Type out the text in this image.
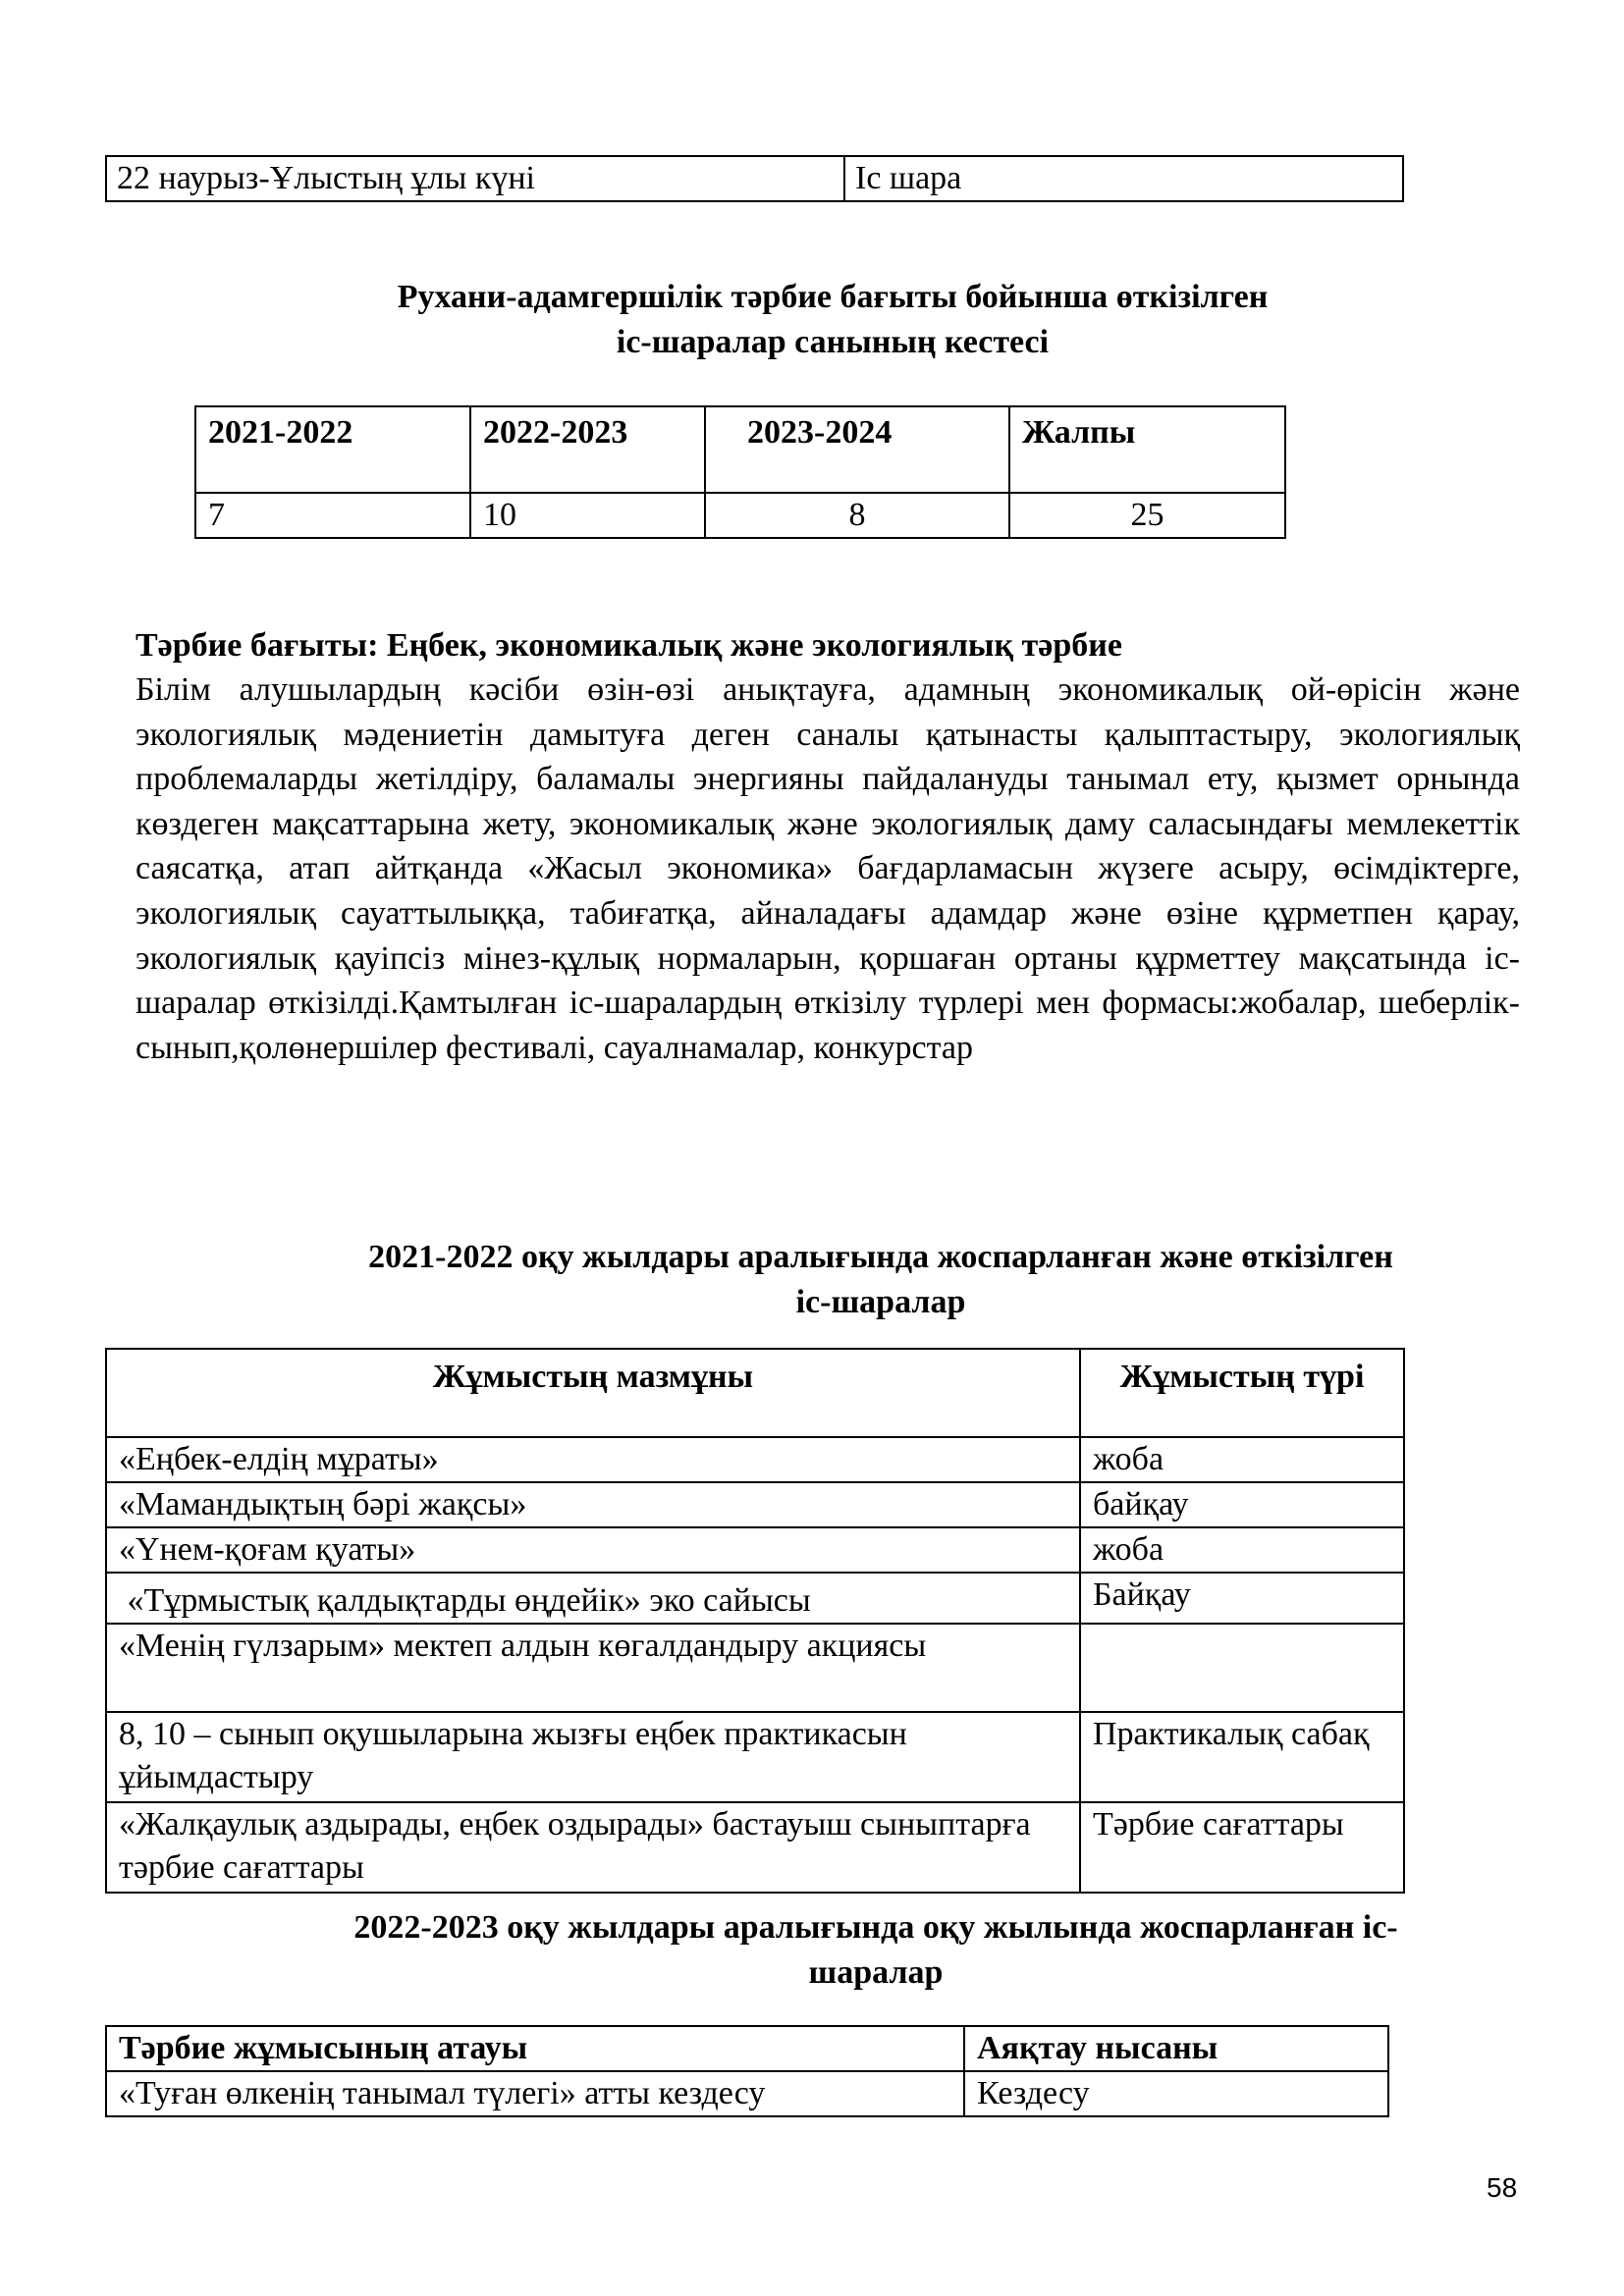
22 наурыз-Ұлыстың ұлы күні	Іс шара
Рухани-адамгершілік тәрбие бағыты бойынша өткізілген
іс-шаралар санының кестесі
2021-2022	2022-2023	2023-2024	Жалпы
7	10	8	25
Тәрбие бағыты: Еңбек, экономикалық және экологиялық тәрбие
Білім алушылардың кәсіби өзін-өзі анықтауға, адамның экономикалық ой-өрісін және экологиялық мәдениетін дамытуға деген саналы қатынасты қалыптастыру, экологиялық проблемаларды жетілдіру, баламалы энергияны пайдалануды танымал ету, қызмет орнында көздеген мақсаттарына жету, экономикалық және экологиялық даму саласындағы мемлекеттік саясатқа, атап айтқанда «Жасыл экономика» бағдарламасын жүзеге асыру, өсімдіктерге, экологиялық сауаттылыққа, табиғатқа, айналадағы адамдар және өзіне құрметпен қарау, экологиялық қауіпсіз мінез-құлық нормаларын, қоршаған ортаны құрметтеу мақсатында іс-шаралар өткізілді.Қамтылған іс-шаралардың өткізілу түрлері мен формасы:жобалар, шеберлік-сынып,қолөнершілер фестивалі, сауалнамалар, конкурстар
2021-2022 оқу жылдары аралығында жоспарланған және өткізілген
іс-шаралар
Жұмыстың мазмұны	Жұмыстың түрі
«Еңбек-елдің мұраты»	жоба
«Мамандықтың бәрі жақсы»	байқау
«Үнем-қоғам қуаты»	жоба
«Тұрмыстық қалдықтарды өңдейік» эко сайысы	Байқау
«Менің гүлзарым» мектеп алдын көгалдандыру акциясы	
8, 10 – сынып оқушыларына жызғы еңбек практикасын ұйымдастыру	Практикалық сабақ
«Жалқаулық аздырады, еңбек оздырады» бастауыш сыныптарға тәрбие сағаттары	Тәрбие сағаттары
2022-2023 оқу жылдары аралығында оқу жылында жоспарланған іс-
шаралар
Тәрбие жұмысының атауы	Аяқтау нысаны
«Туған өлкенің танымал түлегі» атты кездесу	Кездесу
58
